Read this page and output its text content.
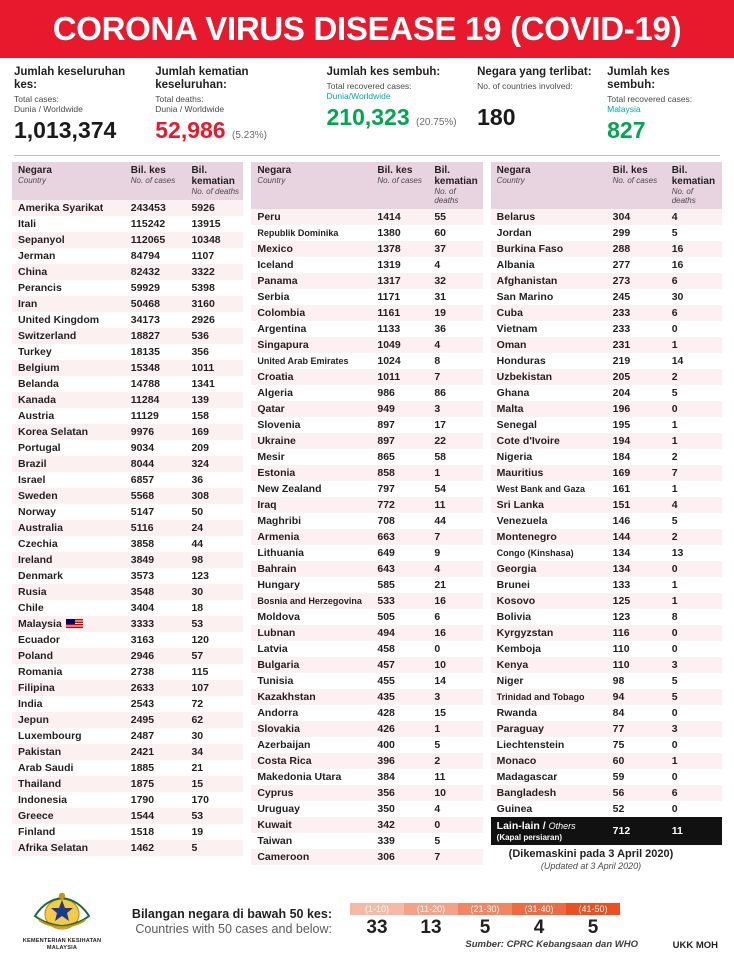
CORONA VIRUS DISEASE 19 (COVID-19)
Jumlah keseluruhan kes:
Total cases:
Dunia / Worldwide
1,013,374
Jumlah kematian keseluruhan:
Total deaths:
Dunia / Worldwide
52,986 (5.23%)
Jumlah kes sembuh:
Total recovered cases:
Dunia/Worldwide
210,323 (20.75%)
Negara yang terlibat:
No. of countries involved:

180
Jumlah kes sembuh:
Total recovered cases:
Malaysia
827
Negara
Country

Bil. kes
No. of cases

Bil. kematian
No. of deaths

Amerika Syarikat	243453	5926
Itali	115242	13915
Sepanyol	112065	10348
Jerman	84794	1107
China	82432	3322
Perancis	59929	5398
Iran	50468	3160
United Kingdom	34173	2926
Switzerland	18827	536
Turkey	18135	356
Belgium	15348	1011
Belanda	14788	1341
Kanada	11284	139
Austria	11129	158
Korea Selatan	9976	169
Portugal	9034	209
Brazil	8044	324
Israel	6857	36
Sweden	5568	308
Norway	5147	50
Australia	5116	24
Czechia	3858	44
Ireland	3849	98
Denmark	3573	123
Rusia	3548	30
Chile	3404	18
Malaysia	3333	53
Ecuador	3163	120
Poland	2946	57
Romania	2738	115
Filipina	2633	107
India	2543	72
Jepun	2495	62
Luxembourg	2487	30
Pakistan	2421	34
Arab Saudi	1885	21
Thailand	1875	15
Indonesia	1790	170
Greece	1544	53
Finland	1518	19
Afrika Selatan	1462	5
Negara
Country

Bil. kes
No. of cases

Bil. kematian
No. of deaths

Peru	1414	55
Republik Dominika	1380	60
Mexico	1378	37
Iceland	1319	4
Panama	1317	32
Serbia	1171	31
Colombia	1161	19
Argentina	1133	36
Singapura	1049	4
United Arab Emirates	1024	8
Croatia	1011	7
Algeria	986	86
Qatar	949	3
Slovenia	897	17
Ukraine	897	22
Mesir	865	58
Estonia	858	1
New Zealand	797	54
Iraq	772	11
Maghribi	708	44
Armenia	663	7
Lithuania	649	9
Bahrain	643	4
Hungary	585	21
Bosnia and Herzegovina	533	16
Moldova	505	6
Lubnan	494	16
Latvia	458	0
Bulgaria	457	10
Tunisia	455	14
Kazakhstan	435	3
Andorra	428	15
Slovakia	426	1
Azerbaijan	400	5
Costa Rica	396	2
Makedonia Utara	384	11
Cyprus	356	10
Uruguay	350	4
Kuwait	342	0
Taiwan	339	5
Cameroon	306	7
Negara
Country

Bil. kes
No. of cases

Bil. kematian
No. of deaths

Belarus	304	4
Jordan	299	5
Burkina Faso	288	16
Albania	277	16
Afghanistan	273	6
San Marino	245	30
Cuba	233	6
Vietnam	233	0
Oman	231	1
Honduras	219	14
Uzbekistan	205	2
Ghana	204	5
Malta	196	0
Senegal	195	1
Cote d'Ivoire	194	1
Nigeria	184	2
Mauritius	169	7
West Bank and Gaza	161	1
Sri Lanka	151	4
Venezuela	146	5
Montenegro	144	2
Congo (Kinshasa)	134	13
Georgia	134	0
Brunei	133	1
Kosovo	125	1
Bolivia	123	8
Kyrgyzstan	116	0
Kemboja	110	0
Kenya	110	3
Niger	98	5
Trinidad and Tobago	94	5
Rwanda	84	0
Paraguay	77	3
Liechtenstein	75	0
Monaco	60	1
Madagascar	59	0
Bangladesh	56	6
Guinea	52	0
Lain-lain / Others
(Kapal persiaran)	712	11
(Dikemaskini pada 3 April 2020)
(Updated at 3 April 2020)
KEMENTERIAN KESIHATAN
MALAYSIA
Bilangan negara di bawah 50 kes:
Countries with 50 cases and below:
(1-10)
33
(11-20)
13
(21-30)
5
(31-40)
4
(41-50)
5
Sumber: CPRC Kebangsaan dan WHO	UKK MOH
